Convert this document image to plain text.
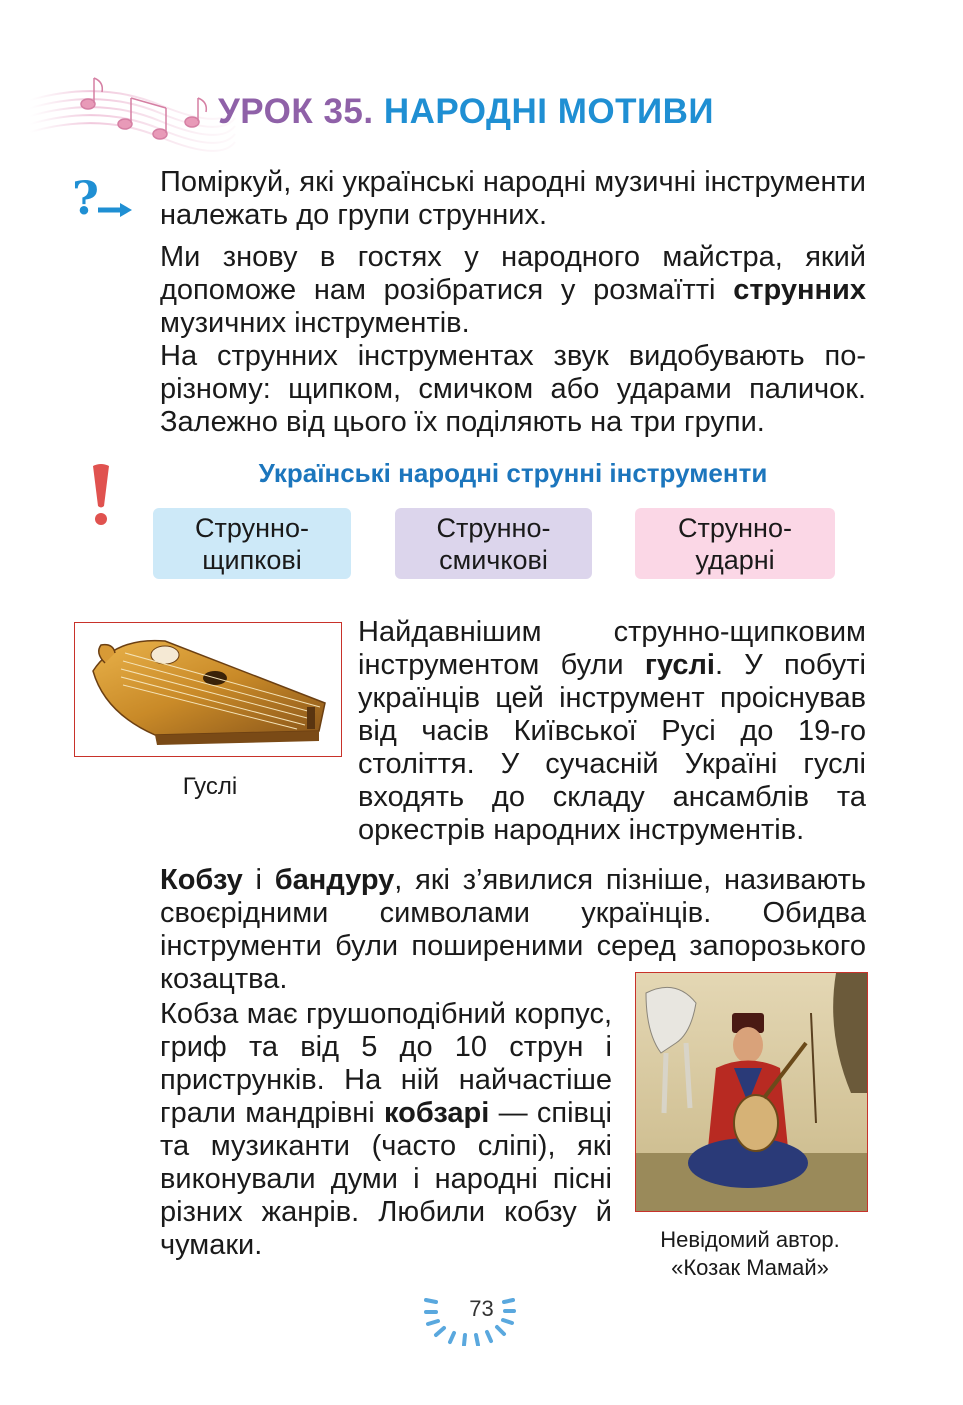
УРОК 35. НАРОДНІ МОТИВИ
? Поміркуй, які українські народні музичні інструменти належать до групи струнних.

Ми знову в гостях у народного майстра, який допоможе нам розібратися у розмаїтті струнних музичних інструментів.

На струнних інструментах звук видобувають по-різному: щипком, смичком або ударами паличок. Залежно від цього їх поділяють на три групи.

Українські народні струнні інструменти
Струнно-
щипкові
Струнно-
смичкові
Струнно-
ударні
Гуслі

Найдавнішим струнно-щипковим інструментом були гуслі. У побуті українців цей інструмент проіснував від часів Київської Русі до 19-го століття. У сучасній Україні гуслі входять до складу ансамблів та оркестрів народних інструментів.

Кобзу і бандуру, які з’явилися пізніше, називають своєрідними символами українців. Обидва інструменти були поширеними серед запорозького козацтва.

Кобза має грушоподібний корпус, гриф та від 5 до 10 струн і приструнків. На ній найчастіше грали мандрівні кобзарі — співці та музиканти (часто сліпі), які виконували думи і народні пісні різних жанрів. Любили кобзу й чумаки.	Невідомий автор.
«Козак Мамай»
73
